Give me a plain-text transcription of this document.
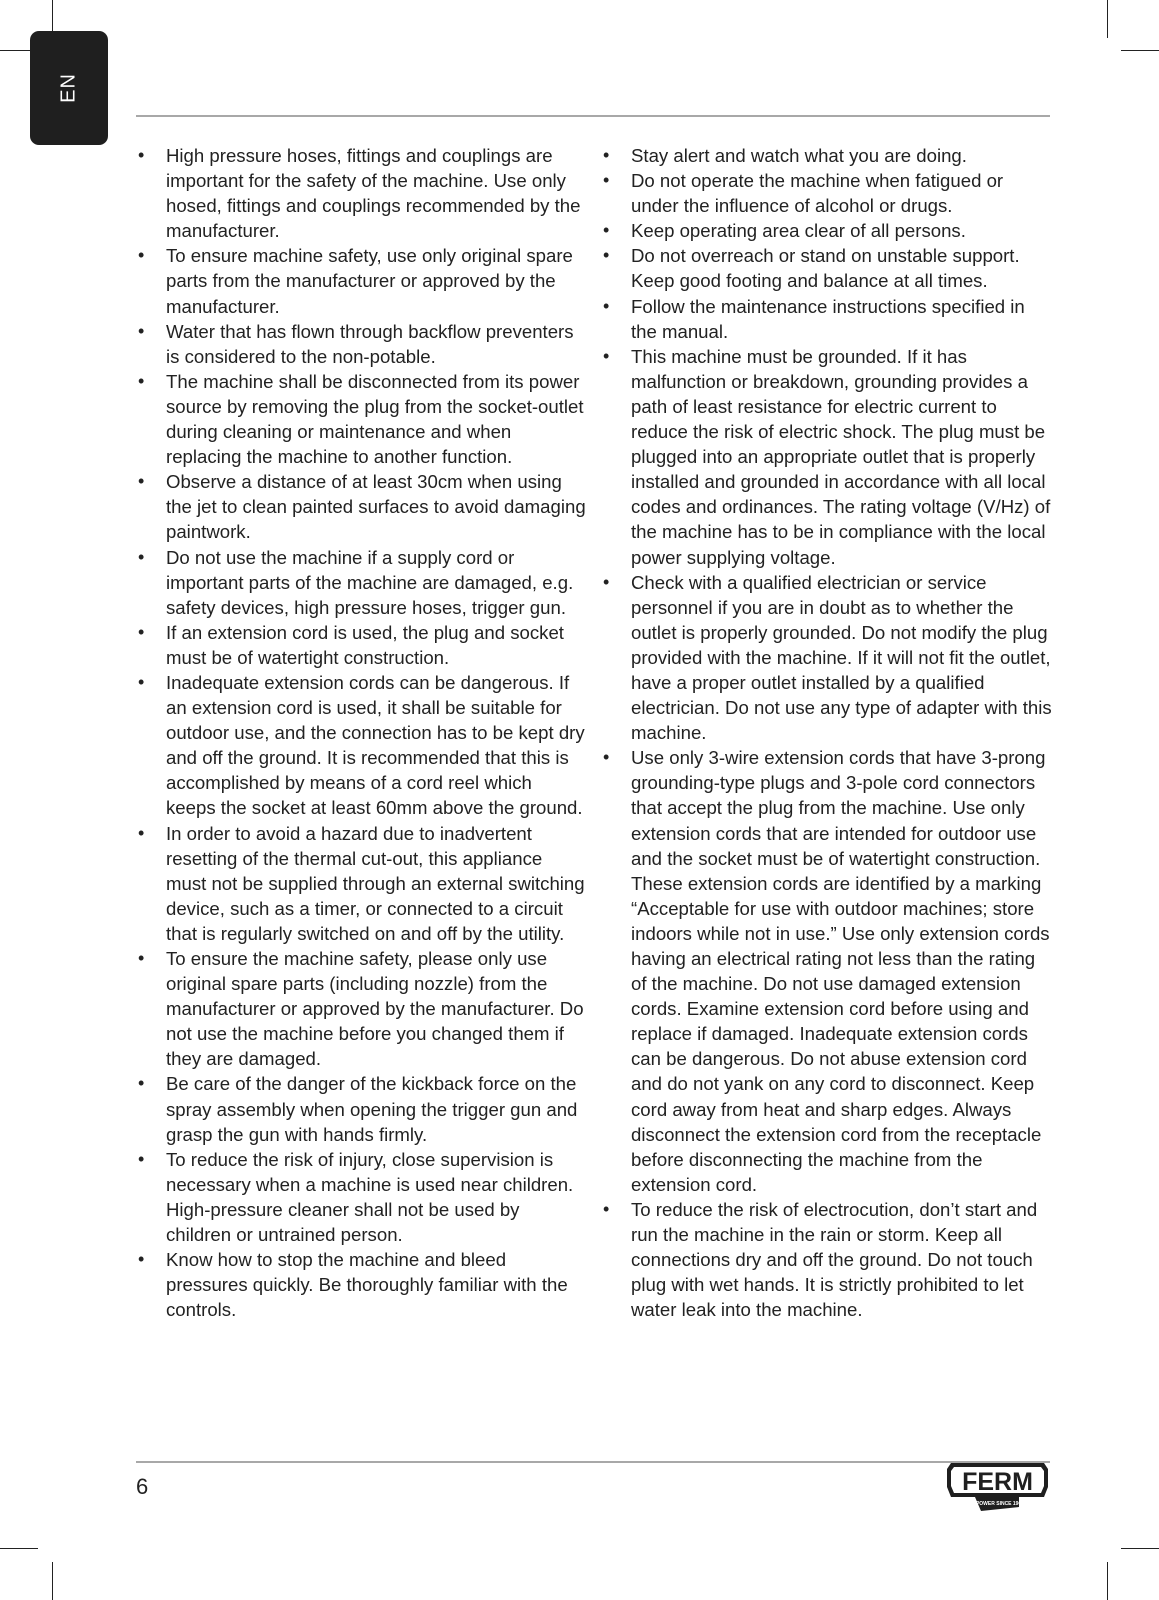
EN
• High pressure hoses, fittings and couplings are important for the safety of the machine. Use only hosed, fittings and couplings recommended by the manufacturer.
• To ensure machine safety, use only original spare parts from the manufacturer or approved by the manufacturer.
• Water that has flown through backflow preventers is considered to the non-potable.
• The machine shall be disconnected from its power source by removing the plug from the socket-outlet during cleaning or maintenance and when replacing the machine to another function.
• Observe a distance of at least 30cm when using the jet to clean painted surfaces to avoid damaging paintwork.
• Do not use the machine if a supply cord or important parts of the machine are damaged, e.g. safety devices, high pressure hoses, trigger gun.
• If an extension cord is used, the plug and socket must be of watertight construction.
• Inadequate extension cords can be dangerous. If an extension cord is used, it shall be suitable for outdoor use, and the connection has to be kept dry and off the ground. It is recommended that this is accomplished by means of a cord reel which keeps the socket at least 60mm above the ground.
• In order to avoid a hazard due to inadvertent resetting of the thermal cut-out, this appliance must not be supplied through an external switching device, such as a timer, or connected to a circuit that is regularly switched on and off by the utility.
• To ensure the machine safety, please only use original spare parts (including nozzle) from the manufacturer or approved by the manufacturer. Do not use the machine before you changed them if they are damaged.
• Be care of the danger of the kickback force on the spray assembly when opening the trigger gun and grasp the gun with hands firmly.
• To reduce the risk of injury, close supervision is necessary when a machine is used near children. High-pressure cleaner shall not be used by children or untrained person.
• Know how to stop the machine and bleed pressures quickly. Be thoroughly familiar with the controls.
• Stay alert and watch what you are doing.
• Do not operate the machine when fatigued or under the influence of alcohol or drugs.
• Keep operating area clear of all persons.
• Do not overreach or stand on unstable support. Keep good footing and balance at all times.
• Follow the maintenance instructions specified in the manual.
• This machine must be grounded. If it has malfunction or breakdown, grounding provides a path of least resistance for electric current to reduce the risk of electric shock. The plug must be plugged into an appropriate outlet that is properly installed and grounded in accordance with all local codes and ordinances. The rating voltage (V/Hz) of the machine has to be in compliance with the local power supplying voltage.
• Check with a qualified electrician or service personnel if you are in doubt as to whether the outlet is properly grounded. Do not modify the plug provided with the machine. If it will not fit the outlet, have a proper outlet installed by a qualified electrician. Do not use any type of adapter with this machine.
• Use only 3-wire extension cords that have 3-prong grounding-type plugs and 3-pole cord connectors that accept the plug from the machine. Use only extension cords that are intended for outdoor use and the socket must be of watertight construction. These extension cords are identified by a marking “Acceptable for use with outdoor machines; store indoors while not in use.” Use only extension cords having an electrical rating not less than the rating of the machine. Do not use damaged extension cords. Examine extension cord before using and replace if damaged. Inadequate extension cords can be dangerous. Do not abuse extension cord and do not yank on any cord to disconnect. Keep cord away from heat and sharp edges. Always disconnect the extension cord from the receptacle before disconnecting the machine from the extension cord.
• To reduce the risk of electrocution, don’t start and run the machine in the rain or storm. Keep all connections dry and off the ground. Do not touch plug with wet hands. It is strictly prohibited to let water leak into the machine.
6	FERM
POWER SINCE 1965
